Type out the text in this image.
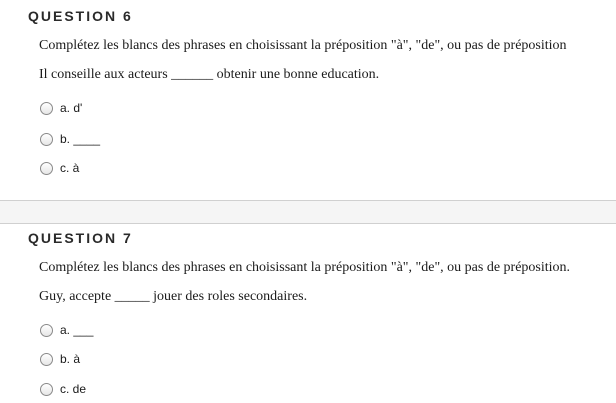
QUESTION 6
Complétez les blancs des phrases en choisissant la préposition "à", "de", ou pas de préposition
Il conseille aux acteurs ______ obtenir une bonne education.
a. d'
b. ____
c. à
QUESTION 7
Complétez les blancs des phrases en choisissant la préposition "à", "de", ou pas de préposition.
Guy, accepte _____ jouer des roles secondaires.
a. ___
b. à
c. de
